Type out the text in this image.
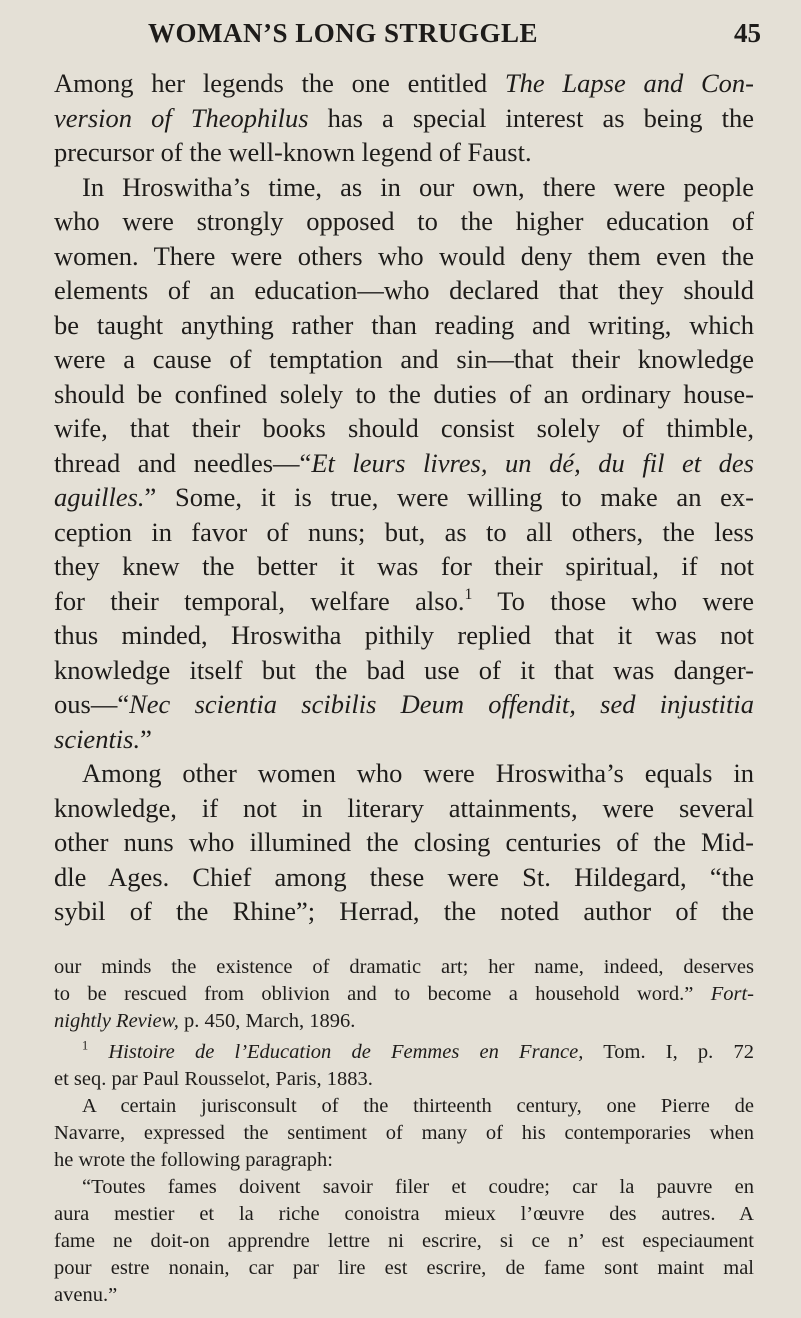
WOMAN’S LONG STRUGGLE	45
Among her legends the one entitled The Lapse and Con-
version of Theophilus has a special interest as being the
precursor of the well-known legend of Faust.
In Hroswitha’s time, as in our own, there were people
who were strongly opposed to the higher education of
women. There were others who would deny them even the
elements of an education—who declared that they should
be taught anything rather than reading and writing, which
were a cause of temptation and sin—that their knowledge
should be confined solely to the duties of an ordinary house-
wife, that their books should consist solely of thimble,
thread and needles—“Et leurs livres, un dé, du fil et des
aguilles.” Some, it is true, were willing to make an ex-
ception in favor of nuns; but, as to all others, the less
they knew the better it was for their spiritual, if not
for their temporal, welfare also.$^1$ To those who were
thus minded, Hroswitha pithily replied that it was not
knowledge itself but the bad use of it that was danger-
ous—“Nec scientia scibilis Deum offendit, sed injustitia
scientis.”
Among other women who were Hroswitha’s equals in
knowledge, if not in literary attainments, were several
other nuns who illumined the closing centuries of the Mid-
dle Ages. Chief among these were St. Hildegard, “the
sybil of the Rhine”; Herrad, the noted author of the
our minds the existence of dramatic art; her name, indeed, deserves
to be rescued from oblivion and to become a household word.” Fort-
nightly Review, p. 450, March, 1896.
$^1$ Histoire de l’Education de Femmes en France, Tom. I, p. 72
et seq. par Paul Rousselot, Paris, 1883.
A certain jurisconsult of the thirteenth century, one Pierre de
Navarre, expressed the sentiment of many of his contemporaries when
he wrote the following paragraph:
“Toutes fames doivent savoir filer et coudre; car la pauvre en
aura mestier et la riche conoistra mieux l’œuvre des autres. A
fame ne doit-on apprendre lettre ni escrire, si ce n’ est especiaument
pour estre nonain, car par lire est escrire, de fame sont maint mal
avenu.”
